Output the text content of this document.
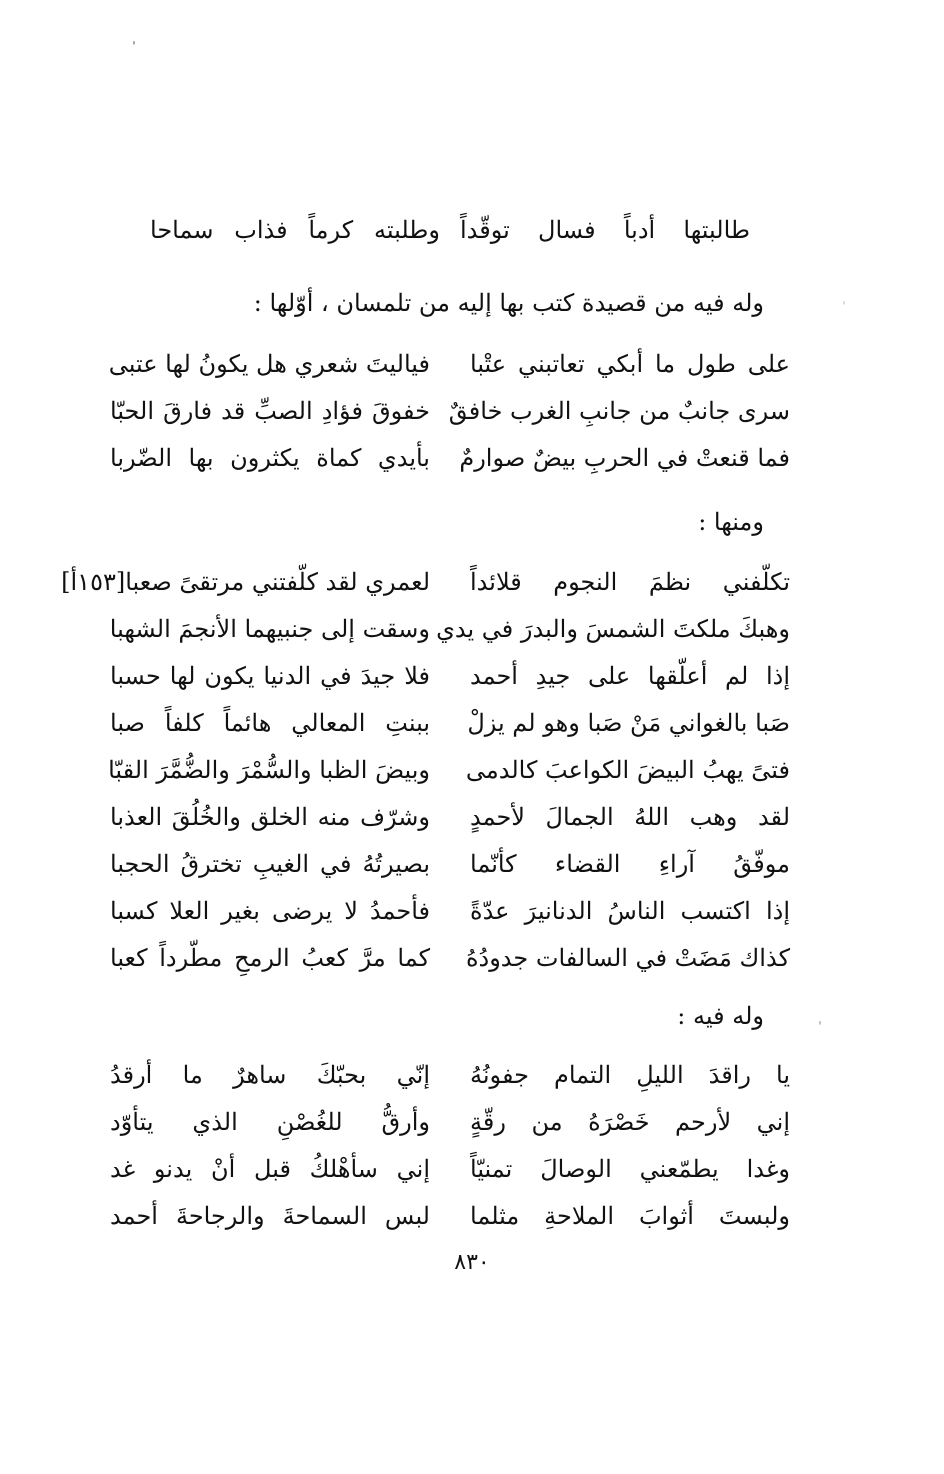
ˈ
ˈ
ˈ
طالبتها أدباً فسال توقّداً
وطلبته كرماً فذاب سماحا
وله فيه من قصيدة كتب بها إليه من تلمسان ، أوّلها :
على طول ما أبكي تعاتبني عتْبا
فياليتَ شعري هل يكونُ لها عتبى
سرى جانبٌ من جانبِ الغرب خافقٌ
خفوقَ فؤادِ الصبِّ قد فارقَ الحبّا
فما قنعتْ في الحربِ بيضٌ صوارمٌ
بأيدي كماة يكثرون بها الضّربا
ومنها :
تكلّفني نظمَ النجوم قلائداً
لعمري لقد كلّفتني مرتقىً صعبا[١٥٣أ]
وهبكَ ملكتَ الشمسَ والبدرَ في يدي
وسقت إلى جنبيهما الأنجمَ الشهبا
إذا لم أعلّقها على جيدِ أحمد
فلا جيدَ في الدنيا يكون لها حسبا
صَبا بالغواني مَنْ صَبا وهو لم يزلْ
ببنتِ المعالي هائماً كلفاً صبا
فتىً يهبُ البيضَ الكواعبَ كالدمى
وبيضَ الظبا والسُّمْرَ والضُّمَّرَ القبّا
لقد وهب اللهُ الجمالَ لأحمدٍ
وشرّف منه الخلق والخُلُقَ العذبا
موفّقُ آراءِ القضاء كأنّما
بصيرتُهُ في الغيبِ تخترقُ الحجبا
إذا اكتسب الناسُ الدنانيرَ عدّةً
فأحمدُ لا يرضى بغير العلا كسبا
كذاك مَضَتْ في السالفات جدودُهُ
كما مرَّ كعبُ الرمحِ مطّرداً كعبا
وله فيه :
يا راقدَ الليلِ التمام جفونُهُ
إنّي بحبّكَ ساهرٌ ما أرقدُ
إني لأرحم خَصْرَهُ من رقّةٍ
وأرقُّ للغُصْنِ الذي يتأوّد
وغدا يطمّعني الوصالَ تمنيّاً
إني سأهْلكُ قبل أنْ يدنو غد
ولبستَ أثوابَ الملاحةِ مثلما
لبس السماحةَ والرجاحةَ أحمد
٨٣٠
